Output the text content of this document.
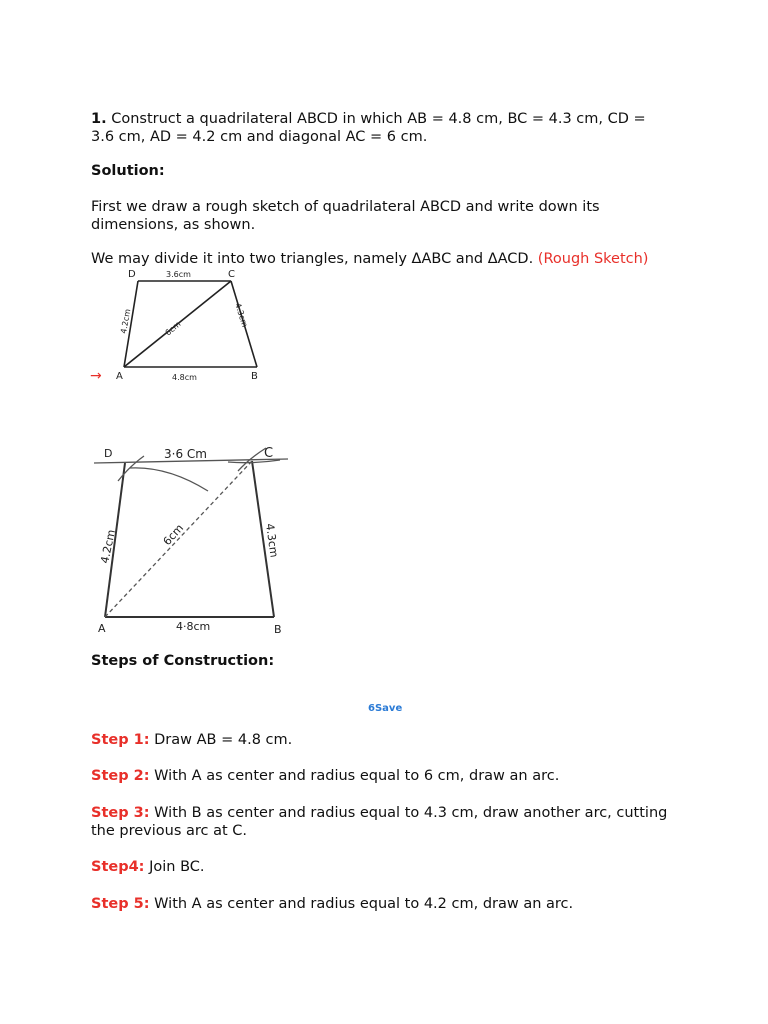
1. Construct a quadrilateral ABCD in which AB = 4.8 cm, BC = 4.3 cm, CD = 3.6 cm, AD = 4.2 cm and diagonal AC = 6 cm.

Solution:

First we draw a rough sketch of quadrilateral ABCD and write down its dimensions, as shown.

We may divide it into two triangles, namely ΔABC and ΔACD. (Rough Sketch)

D	C
A	B
3.6cm
4.8cm
4.2cm	4.3cm
6cm
→
D	C
A	B
3·6 Cm
4·8cm
4.2cm	4.3cm
6cm

Steps of Construction:

6Save

Step 1: Draw AB = 4.8 cm.

Step 2: With A as center and radius equal to 6 cm, draw an arc.

Step 3: With B as center and radius equal to 4.3 cm, draw another arc, cutting the previous arc at C.

Step4: Join BC.

Step 5: With A as center and radius equal to 4.2 cm, draw an arc.
